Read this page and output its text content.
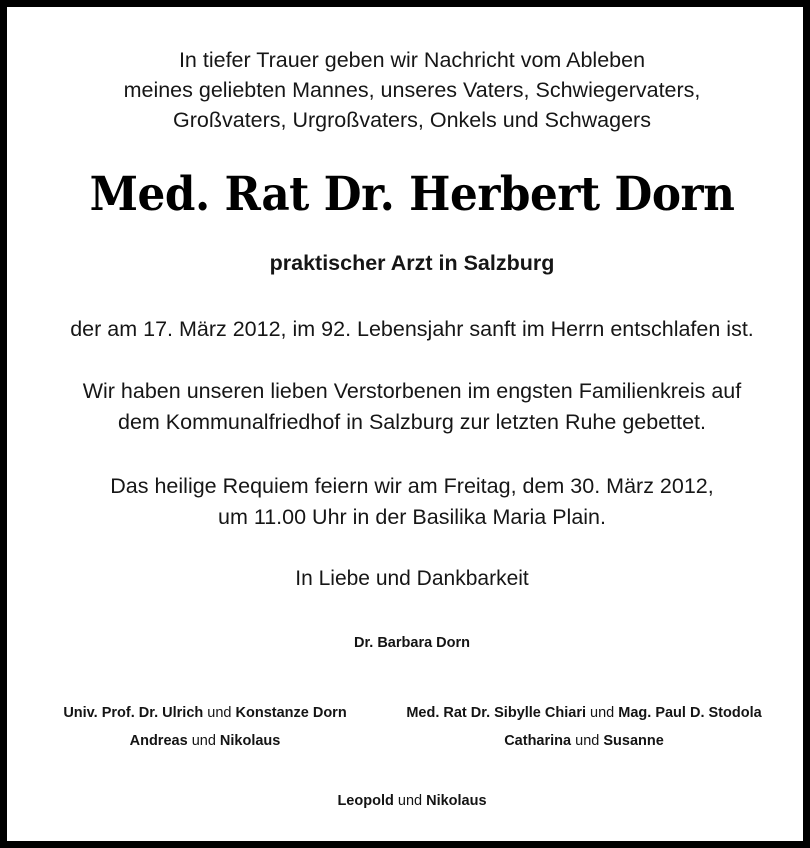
In tiefer Trauer geben wir Nachricht vom Ableben
meines geliebten Mannes, unseres Vaters, Schwiegervaters,
Großvaters, Urgroßvaters, Onkels und Schwagers
Med. Rat Dr. Herbert Dorn
praktischer Arzt in Salzburg
der am 17. März 2012, im 92. Lebensjahr sanft im Herrn entschlafen ist.
Wir haben unseren lieben Verstorbenen im engsten Familienkreis auf
dem Kommunalfriedhof in Salzburg zur letzten Ruhe gebettet.
Das heilige Requiem feiern wir am Freitag, dem 30. März 2012,
um 11.00 Uhr in der Basilika Maria Plain.
In Liebe und Dankbarkeit
Dr. Barbara Dorn
Univ. Prof. Dr. Ulrich und Konstanze Dorn
Andreas und Nikolaus
Med. Rat Dr. Sibylle Chiari und Mag. Paul D. Stodola
Catharina und Susanne
Leopold und Nikolaus
